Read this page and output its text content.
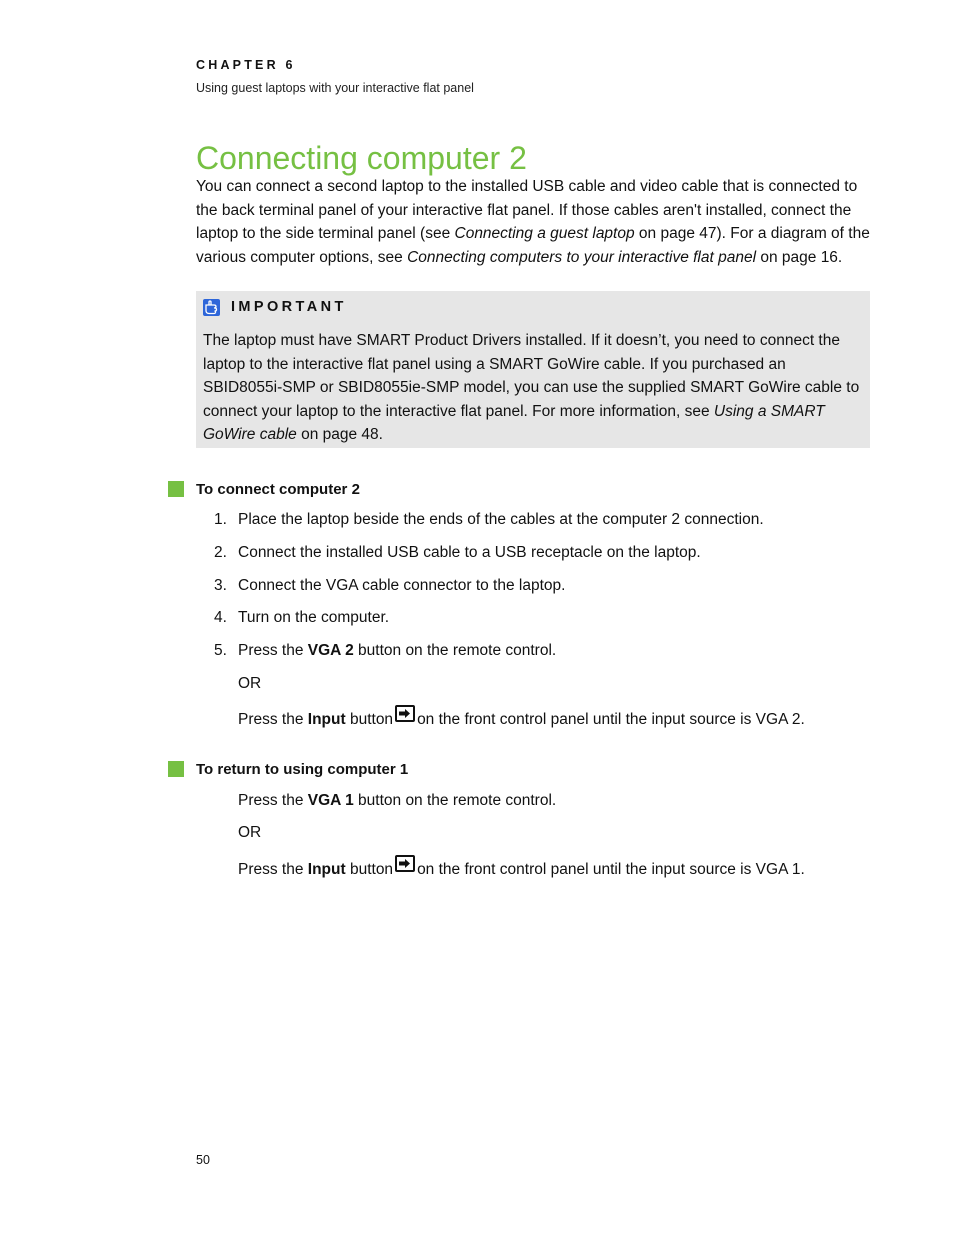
CHAPTER 6
Using guest laptops with your interactive flat panel
Connecting computer 2

You can connect a second laptop to the installed USB cable and video cable that is connected to the back terminal panel of your interactive flat panel. If those cables aren't installed, connect the laptop to the side terminal panel (see Connecting a guest laptop on page 47). For a diagram of the various computer options, see Connecting computers to your interactive flat panel on page 16.

IMPORTANT

The laptop must have SMART Product Drivers installed. If it doesn’t, you need to connect the laptop to the interactive flat panel using a SMART GoWire cable. If you purchased an SBID8055i-SMP or SBID8055ie-SMP model, you can use the supplied SMART GoWire cable to connect your laptop to the interactive flat panel. For more information, see Using a SMART GoWire cable on page 48.

To connect computer 2
1. Place the laptop beside the ends of the cables at the computer 2 connection.
2. Connect the installed USB cable to a USB receptacle on the laptop.
3. Connect the VGA cable connector to the laptop.
4. Turn on the computer.
5. Press the VGA 2 button on the remote control.
OR
Press the Input button on the front control panel until the input source is VGA 2.
To return to using computer 1
Press the VGA 1 button on the remote control.
OR
Press the Input button on the front control panel until the input source is VGA 1.
50
